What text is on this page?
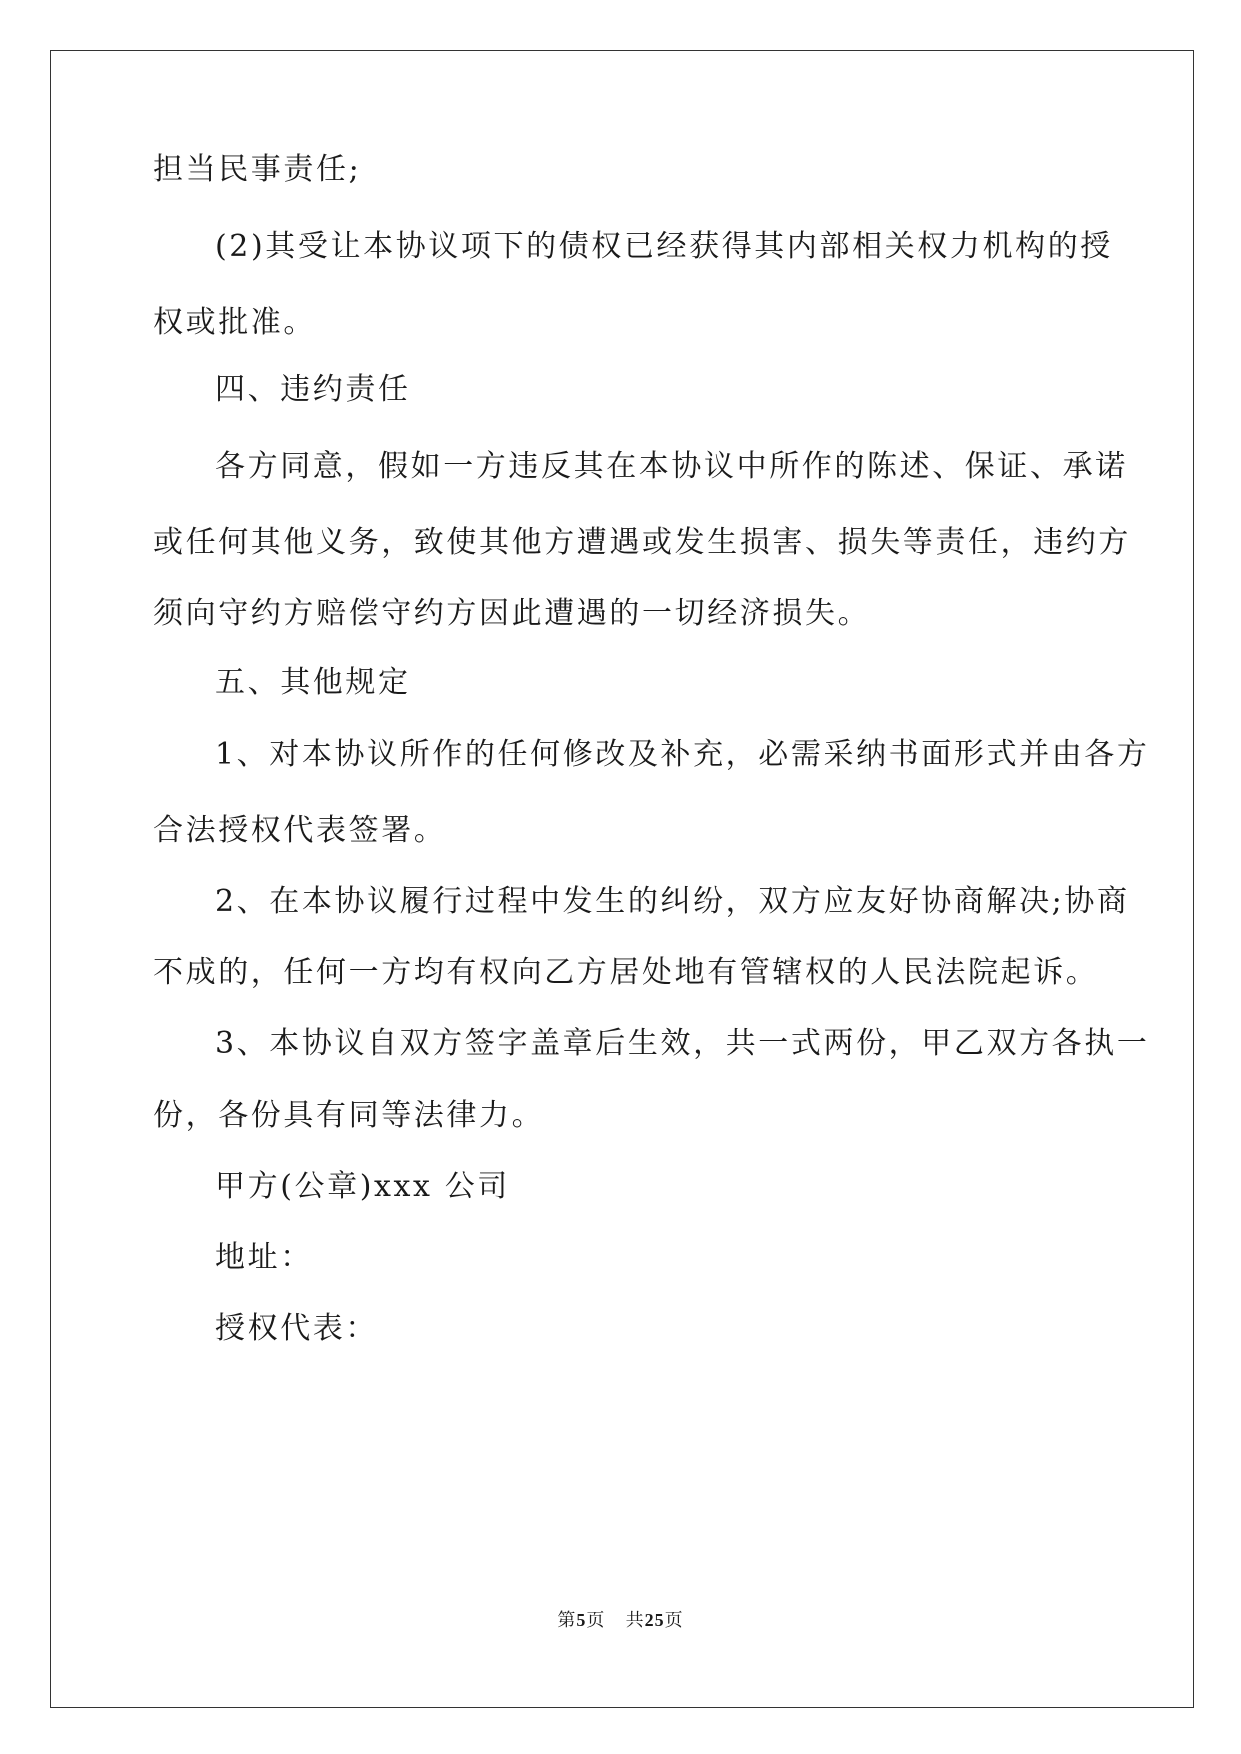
担当民事责任;
(2)其受让本协议项下的债权已经获得其内部相关权力机构的授
权或批准。
四、违约责任
各方同意，假如一方违反其在本协议中所作的陈述、保证、承诺
或任何其他义务，致使其他方遭遇或发生损害、损失等责任，违约方
须向守约方赔偿守约方因此遭遇的一切经济损失。
五、其他规定
1、对本协议所作的任何修改及补充，必需采纳书面形式并由各方
合法授权代表签署。
2、在本协议履行过程中发生的纠纷，双方应友好协商解决;协商
不成的，任何一方均有权向乙方居处地有管辖权的人民法院起诉。
3、本协议自双方签字盖章后生效，共一式两份，甲乙双方各执一
份，各份具有同等法律力。
甲方(公章)xxx 公司
地址：
授权代表：
第5页 共25页
